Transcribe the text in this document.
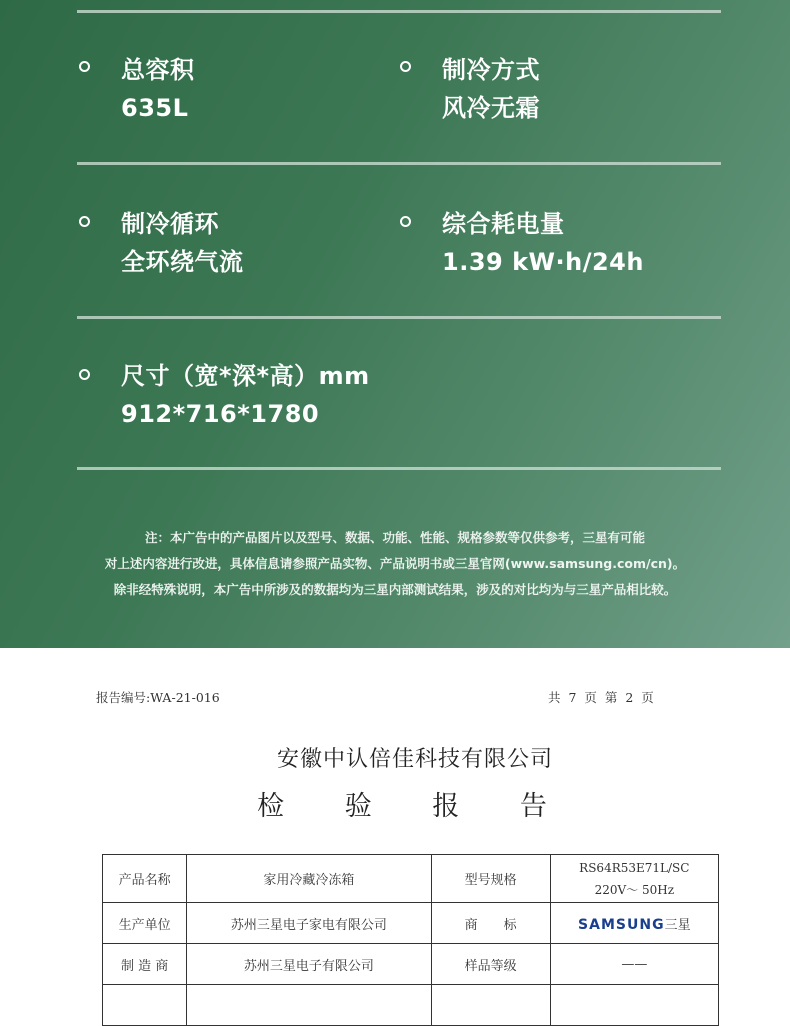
总容积
635L
制冷方式
风冷无霜
制冷循环
全环绕气流
综合耗电量
1.39 kW·h/24h
尺寸（宽*深*高）mm
912*716*1780
注：本广告中的产品图片以及型号、数据、功能、性能、规格参数等仅供参考，三星有可能
对上述内容进行改进，具体信息请参照产品实物、产品说明书或三星官网(www.samsung.com/cn)。
除非经特殊说明，本广告中所涉及的数据均为三星内部测试结果，涉及的对比均为与三星产品相比较。
报告编号:WA-21-016	共 7 页 第 2 页
安徽中认倍佳科技有限公司
检 验 报 告
产品名称	家用冷藏冷冻箱	型号规格	RS64R53E71L/SC
220V～ 50Hz

生产单位	苏州三星电子家电有限公司	商　　标	SAMSUNG三星
制 造 商	苏州三星电子有限公司	样品等级	——
